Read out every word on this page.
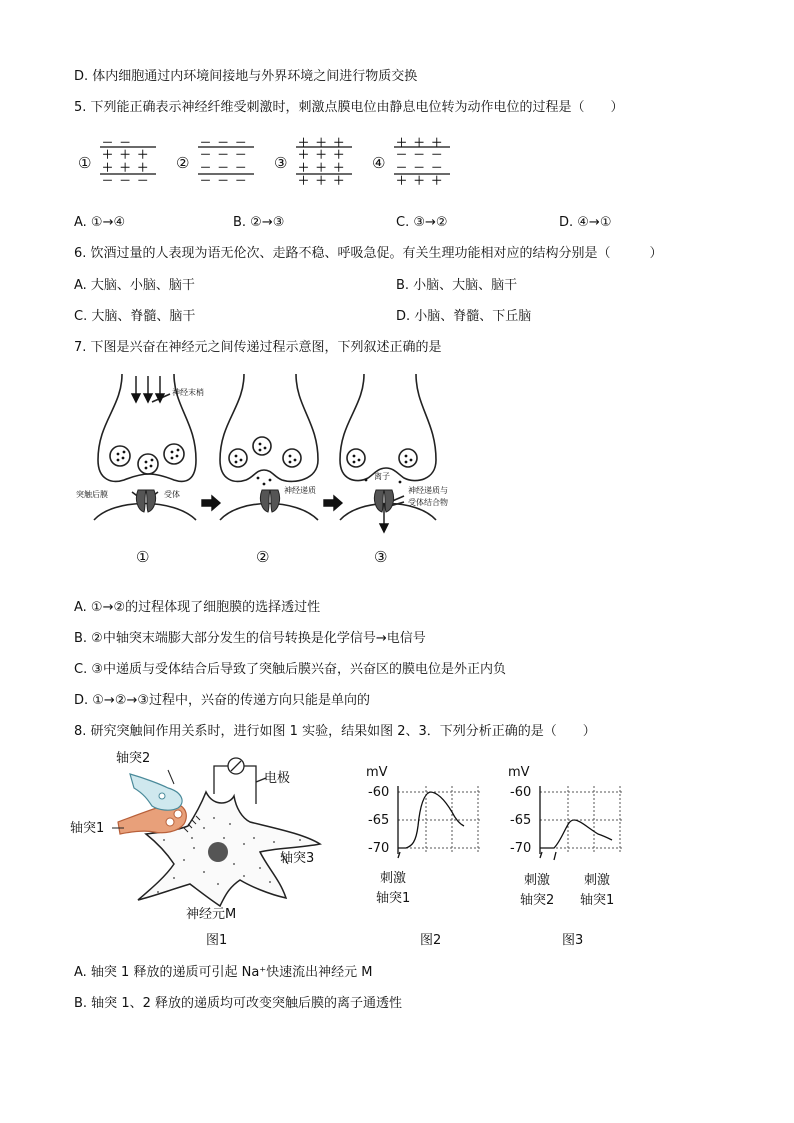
D. 体内细胞通过内环境间接地与外界环境之间进行物质交换
5. 下列能正确表示神经纤维受刺激时，刺激点膜电位由静息电位转为动作电位的过程是（　　）
①
－ －
＋ ＋ ＋
＋ ＋ ＋
－ － －
②
－ － －
－ － －
－ － －
－ － －
③
＋ ＋ ＋
＋ ＋ ＋
＋ ＋ ＋
＋ ＋ ＋
④
＋ ＋ ＋
－ － －
－ － －
＋ ＋ ＋
A. ①→④	B. ②→③	C. ③→②	D. ④→①
6. 饮酒过量的人表现为语无伦次、走路不稳、呼吸急促。有关生理功能相对应的结构分别是（　　　）
A. 大脑、小脑、脑干	B. 小脑、大脑、脑干
C. 大脑、脊髓、脑干	D. 小脑、脊髓、下丘脑
7. 下图是兴奋在神经元之间传递过程示意图，下列叙述正确的是
神经末梢
突触后膜	受体	神经递质
离子
神经递质与
受体结合物
①	②	③
A. ①→②的过程体现了细胞膜的选择透过性
B. ②中轴突末端膨大部分发生的信号转换是化学信号→电信号
C. ③中递质与受体结合后导致了突触后膜兴奋，兴奋区的膜电位是外正内负
D. ①→②→③过程中，兴奋的传递方向只能是单向的
8. 研究突触间作用关系时，进行如图 1 实验，结果如图 2、3．下列分析正确的是（　　）
轴突2
电极
轴突1
轴突3
神经元M
图1
mV
-60
-65
-70
刺激
轴突1
图2
mV
-60
-65
-70
刺激
轴突2
刺激
轴突1
图3
A. 轴突 1 释放的递质可引起 Na⁺快速流出神经元 M
B. 轴突 1、2 释放的递质均可改变突触后膜的离子通透性
